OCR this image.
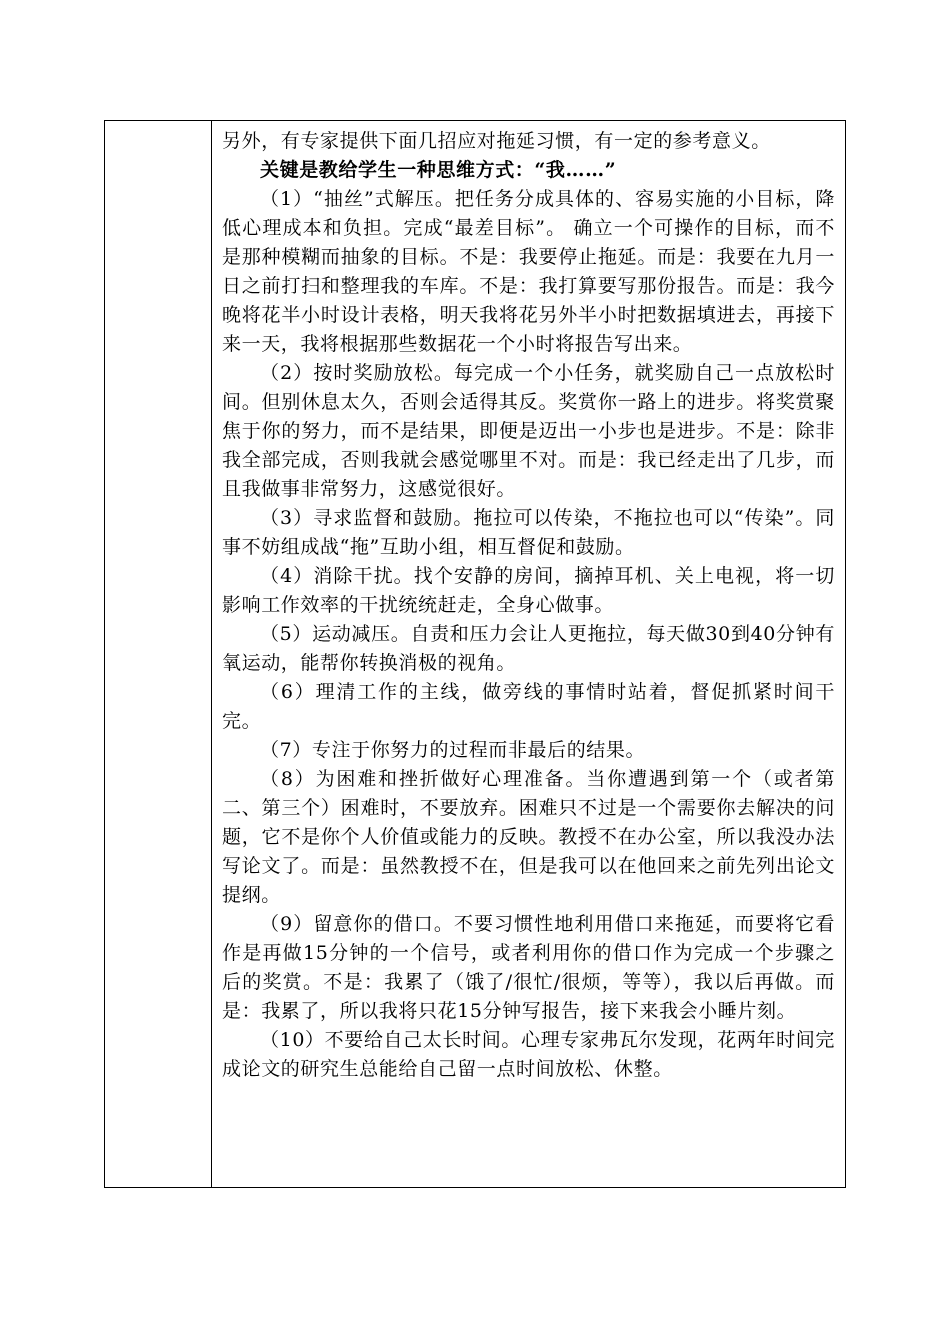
另外，有专家提供下面几招应对拖延习惯，有一定的参考意义。

关键是教给学生一种思维方式：“我……”

（1）“抽丝”式解压。把任务分成具体的、容易实施的小目标，降低心理成本和负担。完成“最差目标”。 确立一个可操作的目标，而不是那种模糊而抽象的目标。不是：我要停止拖延。而是：我要在九月一日之前打扫和整理我的车库。不是：我打算要写那份报告。而是：我今晚将花半小时设计表格，明天我将花另外半小时把数据填进去，再接下来一天，我将根据那些数据花一个小时将报告写出来。

（2）按时奖励放松。每完成一个小任务，就奖励自己一点放松时间。但别休息太久，否则会适得其反。奖赏你一路上的进步。将奖赏聚焦于你的努力，而不是结果，即便是迈出一小步也是进步。不是：除非我全部完成，否则我就会感觉哪里不对。而是：我已经走出了几步，而且我做事非常努力，这感觉很好。

（3）寻求监督和鼓励。拖拉可以传染，不拖拉也可以“传染”。同事不妨组成战“拖”互助小组，相互督促和鼓励。

（4）消除干扰。找个安静的房间，摘掉耳机、关上电视，将一切影响工作效率的干扰统统赶走，全身心做事。

（5）运动减压。自责和压力会让人更拖拉，每天做30到40分钟有氧运动，能帮你转换消极的视角。

（6）理清工作的主线，做旁线的事情时站着，督促抓紧时间干完。

（7）专注于你努力的过程而非最后的结果。

（8）为困难和挫折做好心理准备。当你遭遇到第一个（或者第二、第三个）困难时，不要放弃。困难只不过是一个需要你去解决的问题，它不是你个人价值或能力的反映。教授不在办公室，所以我没办法写论文了。而是：虽然教授不在，但是我可以在他回来之前先列出论文提纲。

（9）留意你的借口。不要习惯性地利用借口来拖延，而要将它看作是再做15分钟的一个信号，或者利用你的借口作为完成一个步骤之后的奖赏。不是：我累了（饿了/很忙/很烦，等等），我以后再做。而是：我累了，所以我将只花15分钟写报告，接下来我会小睡片刻。

（10）不要给自己太长时间。心理专家弗瓦尔发现，花两年时间完成论文的研究生总能给自己留一点时间放松、休整。
